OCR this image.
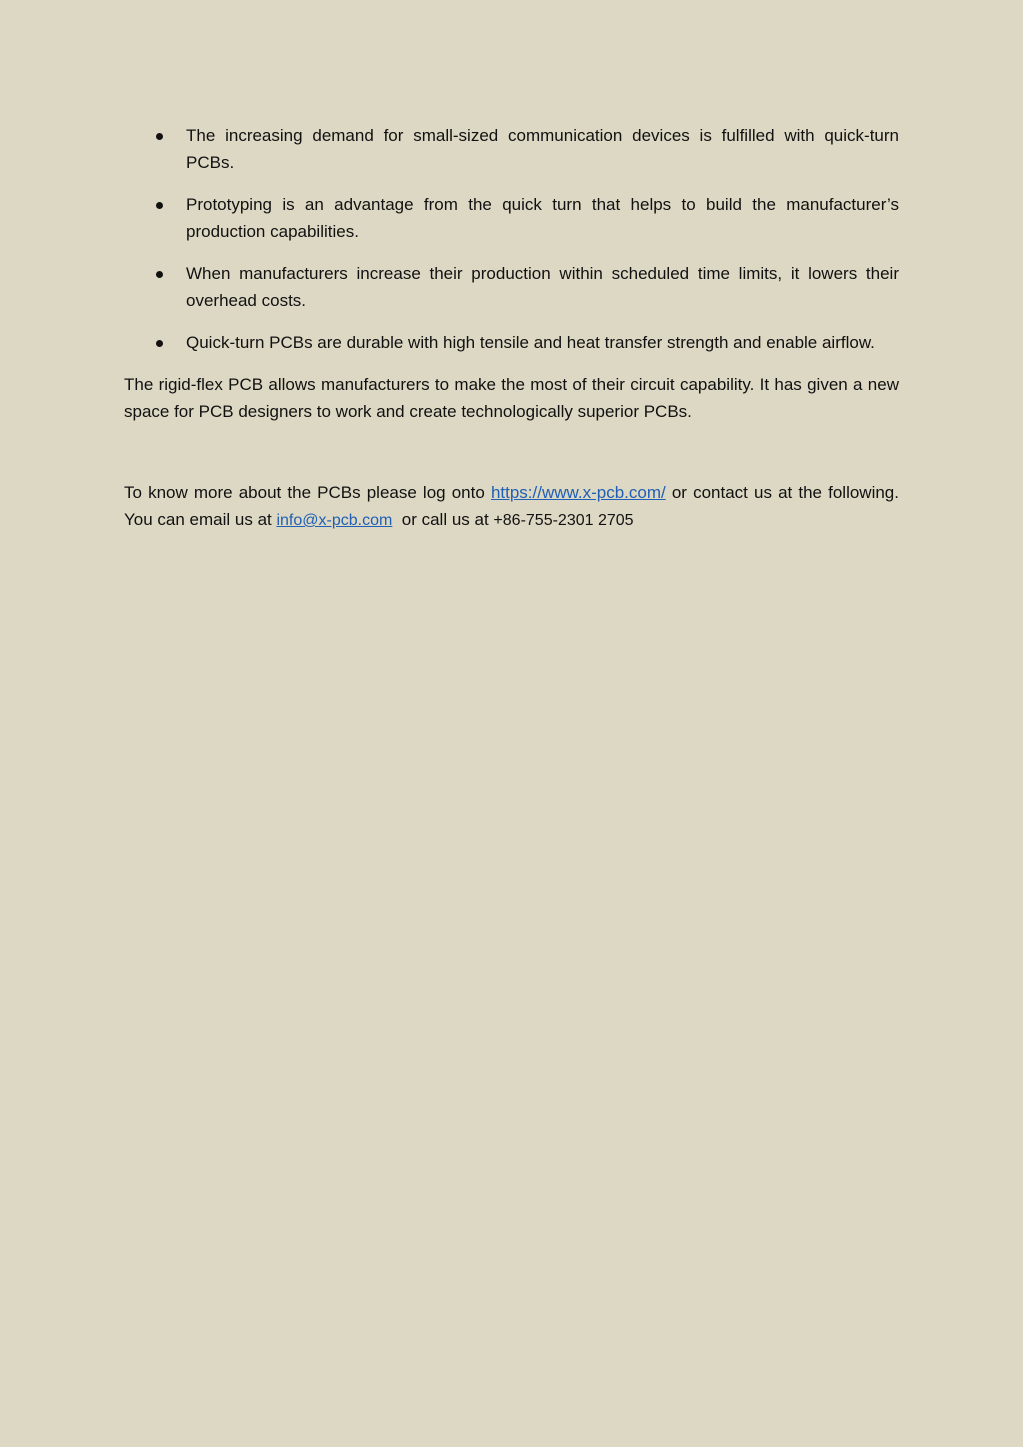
The increasing demand for small-sized communication devices is fulfilled with quick-turn PCBs.
Prototyping is an advantage from the quick turn that helps to build the manufacturer’s production capabilities.
When manufacturers increase their production within scheduled time limits, it lowers their overhead costs.
Quick-turn PCBs are durable with high tensile and heat transfer strength and enable airflow.

The rigid-flex PCB allows manufacturers to make the most of their circuit capability. It has given a new space for PCB designers to work and create technologically superior PCBs.

To know more about the PCBs please log onto https://www.x-pcb.com/ or contact us at the following. You can email us at info@x-pcb.com  or call us at +86-755-2301 2705
